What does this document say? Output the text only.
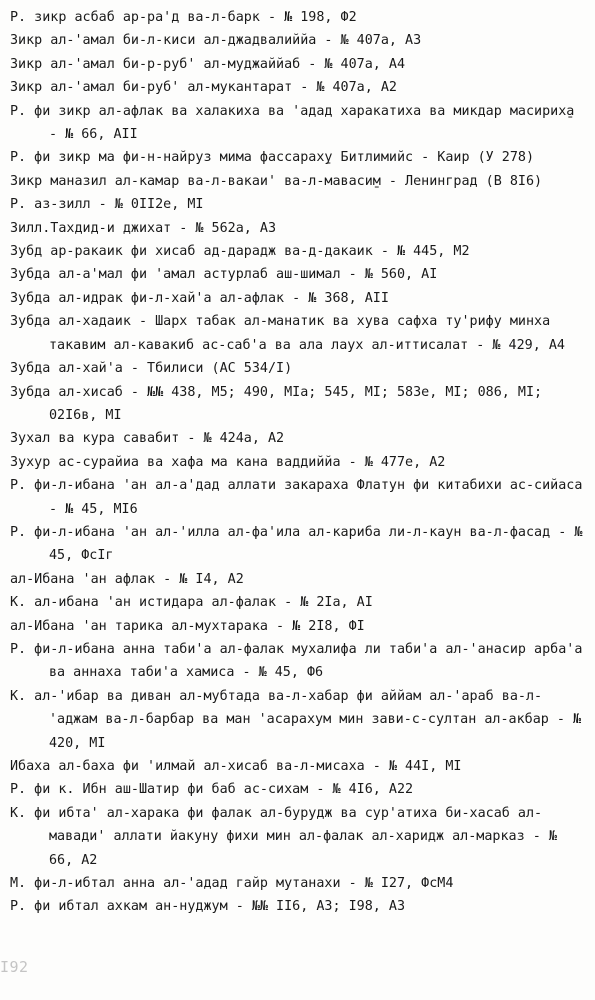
Р. зикр асбаб ар-ра'д ва-л-барк - № 198, Ф2
Зикр ал-'амал би-л-киси ал-джадвалиййа - № 407а, А3
Зикр ал-'амал би-р-руб' ал-муджаййаб - № 407а, А4
Зикр ал-'амал би-руб' ал-мукантарат - № 407а, А2
Р. фи зикр ал-афлак ва халакиха ва 'адад харакатиха ва микдар масирих̱а - № 66, АII
Р. фи зикр ма фи-н-найруз мима фассарах̱у Битлимийс - Каир (У 278)
Зикр маназил ал-камар ва-л-вакаи' ва-л-маваси̱м - Ленинград (В 8I6)
Р. аз-зилл - № 0II2е, МI
Зилл.Тахдид-и джихат - № 562а, А3
Зубд ар-ракаик фи хисаб ад-дарадж ва-д-дакаик - № 445, М2
Зубда ал-а'мал фи 'амал астурлаб аш-шимал - № 560, АI
Зубда ал-идрак фи-л-хай'а ал-афлак - № 368, АII
Зубда ал-хадаик - Шарх табак ал-манатик ва хува сафха ту'рифу минха такавим ал-кавакиб ас-саб'а ва ала лаух ал-иттисалат - № 429, А4
Зубда ал-хай'а - Тбилиси (АС 534/I)
Зубда ал-хисаб - №№ 438, М5; 490, МIа; 545, МI; 583е, МI; 086, МI; 02I6в, МI
Зухал ва кура савабит - № 424а, А2
Зухур ас-сурайиа ва хафа ма кана ваддиййа - № 477е, А2
Р. фи-л-ибана 'ан ал-а'дад аллати закараха Флатун фи китабихи ас-сийаса - № 45, МI6
Р. фи-л-ибана 'ан ал-'илла ал-фа'ила ал-кариба ли-л-каун ва-л-фасад - № 45, ФсIг
ал-Ибана 'ан афлак - № I4, А2
К. ал-ибана 'ан истидара ал-фалак - № 2Iа, АI
ал-Ибана 'ан тарика ал-мухтарака - № 2I8, ФI
Р. фи-л-ибана анна таби'а ал-фалак мухалифа ли таби'а ал-'анасир арба'а ва аннаха таби'а хамиса - № 45, Ф6
К. ал-'ибар ва диван ал-мубтада ва-л-хабар фи аййам ал-'араб ва-л-'аджам ва-л-барбар ва ман 'асарахум мин зави-с-султан ал-акбар - № 420, МI
Ибаха ал-баха фи 'илмай ал-хисаб ва-л-мисаха - № 44I, МI
Р. фи к. Ибн аш-Шатир фи баб ас-сихам - № 4I6, А22
К. фи ибта' ал-харака фи фалак ал-бурудж ва сур'атиха би-хасаб ал-мавади' аллати йакуну фихи мин ал-фалак ал-харидж ал-марказ - № 66, А2
М. фи-л-ибтал анна ал-'адад гайр мутанахи - № I27, ФсМ4
Р. фи ибтал ахкам ан-нуджум - №№ II6, А3; I98, А3
I92
